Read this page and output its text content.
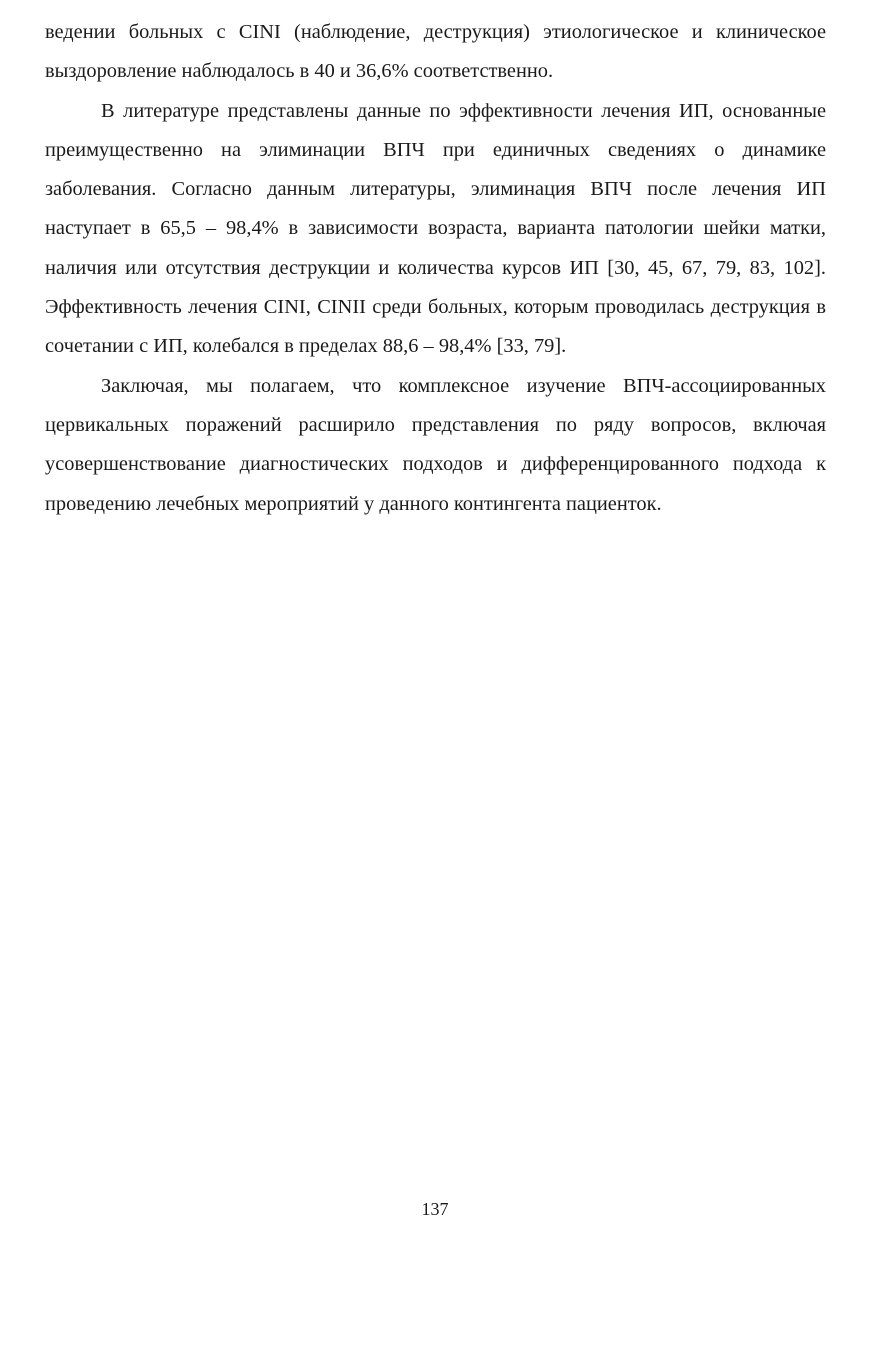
ведении больных с CINI (наблюдение, деструкция) этиологическое и клиническое выздоровление наблюдалось в 40 и 36,6% соответственно.

В литературе представлены данные по эффективности лечения ИП, основанные преимущественно на элиминации ВПЧ при единичных сведениях о динамике заболевания. Согласно данным литературы, элиминация ВПЧ после лечения ИП наступает в 65,5 – 98,4% в зависимости возраста, варианта патологии шейки матки, наличия или отсутствия деструкции и количества курсов ИП [30, 45, 67, 79, 83, 102]. Эффективность лечения CINI, CINII среди больных, которым проводилась деструкция в сочетании с ИП, колебался в пределах 88,6 – 98,4% [33, 79].

Заключая, мы полагаем, что комплексное изучение ВПЧ-ассоциированных цервикальных поражений расширило представления по ряду вопросов, включая усовершенствование диагностических подходов и дифференцированного подхода к проведению лечебных мероприятий у данного контингента пациенток.

137
